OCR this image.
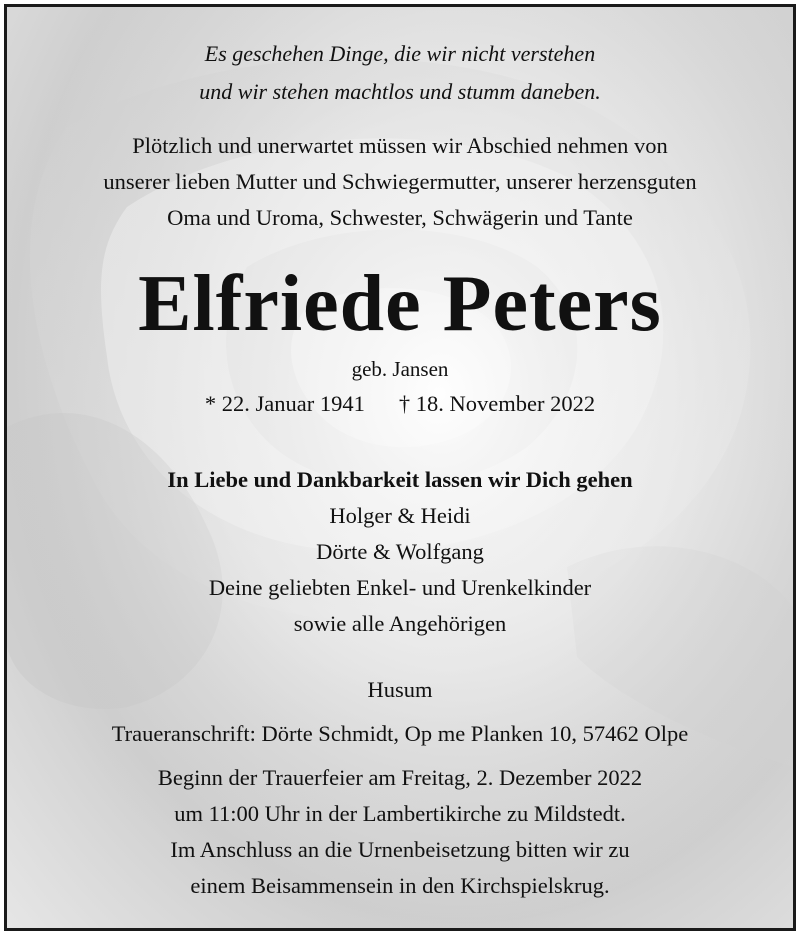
Es geschehen Dinge, die wir nicht verstehen
und wir stehen machtlos und stumm daneben.
Plötzlich und unerwartet müssen wir Abschied nehmen von
unserer lieben Mutter und Schwiegermutter, unserer herzensguten
Oma und Uroma, Schwester, Schwägerin und Tante
Elfriede Peters
geb. Jansen
* 22. Januar 1941 † 18. November 2022
In Liebe und Dankbarkeit lassen wir Dich gehen
Holger & Heidi
Dörte & Wolfgang
Deine geliebten Enkel- und Urenkelkinder
sowie alle Angehörigen
Husum
Traueranschrift: Dörte Schmidt, Op me Planken 10, 57462 Olpe
Beginn der Trauerfeier am Freitag, 2. Dezember 2022
um 11:00 Uhr in der Lambertikirche zu Mildstedt.
Im Anschluss an die Urnenbeisetzung bitten wir zu
einem Beisammensein in den Kirchspielskrug.
